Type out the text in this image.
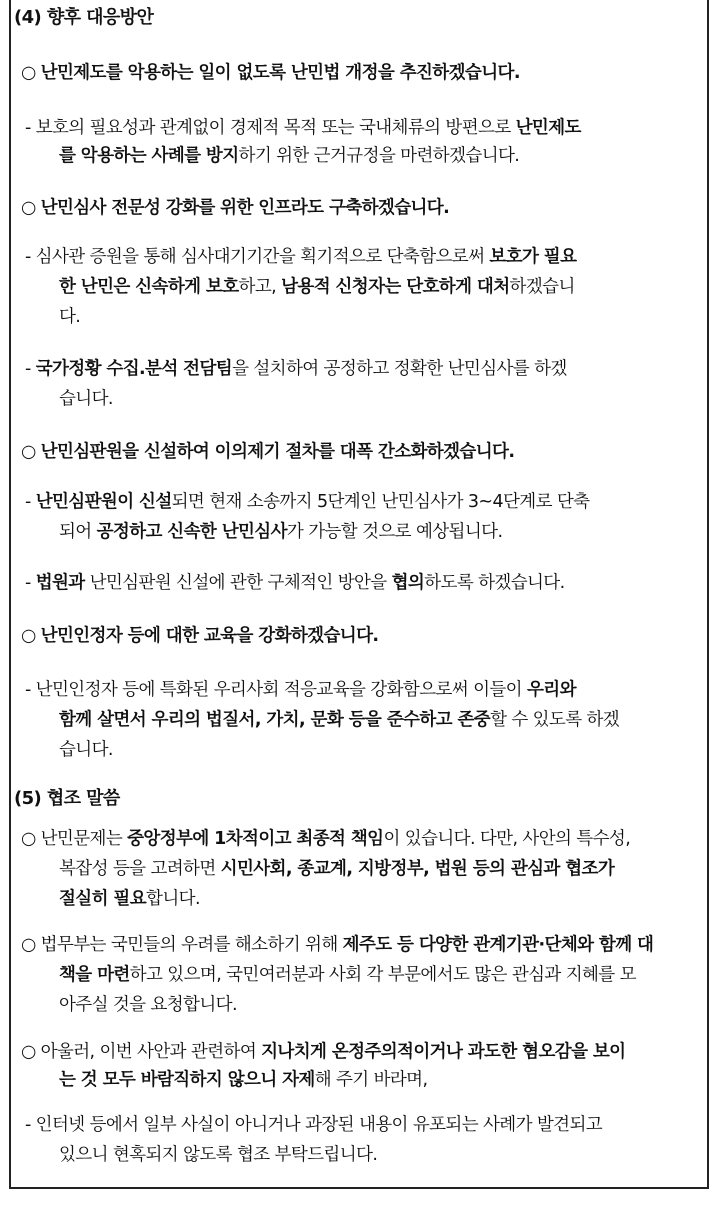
(4) 향후 대응방안
○ 난민제도를 악용하는 일이 없도록 난민법 개정을 추진하겠습니다.
- 보호의 필요성과 관계없이 경제적 목적 또는 국내체류의 방편으로 난민제도
를 악용하는 사례를 방지하기 위한 근거규정을 마련하겠습니다.
○ 난민심사 전문성 강화를 위한 인프라도 구축하겠습니다.
- 심사관 증원을 통해 심사대기기간을 획기적으로 단축함으로써 보호가 필요
한 난민은 신속하게 보호하고, 남용적 신청자는 단호하게 대처하겠습니
다.
- 국가정황 수집.분석 전담팀을 설치하여 공정하고 정확한 난민심사를 하겠
습니다.
○ 난민심판원을 신설하여 이의제기 절차를 대폭 간소화하겠습니다.
- 난민심판원이 신설되면 현재 소송까지 5단계인 난민심사가 3~4단계로 단축
되어 공정하고 신속한 난민심사가 가능할 것으로 예상됩니다.
- 법원과 난민심판원 신설에 관한 구체적인 방안을 협의하도록 하겠습니다.
○ 난민인정자 등에 대한 교육을 강화하겠습니다.
- 난민인정자 등에 특화된 우리사회 적응교육을 강화함으로써 이들이 우리와
함께 살면서 우리의 법질서, 가치, 문화 등을 준수하고 존중할 수 있도록 하겠
습니다.
(5) 협조 말씀
○ 난민문제는 중앙정부에 1차적이고 최종적 책임이 있습니다. 다만, 사안의 특수성,
복잡성 등을 고려하면 시민사회, 종교계, 지방정부, 법원 등의 관심과 협조가
절실히 필요합니다.
○ 법무부는 국민들의 우려를 해소하기 위해 제주도 등 다양한 관계기관·단체와 함께 대
책을 마련하고 있으며, 국민여러분과 사회 각 부문에서도 많은 관심과 지혜를 모
아주실 것을 요청합니다.
○ 아울러, 이번 사안과 관련하여 지나치게 온정주의적이거나 과도한 혐오감을 보이
는 것 모두 바람직하지 않으니 자제해 주기 바라며,
- 인터넷 등에서 일부 사실이 아니거나 과장된 내용이 유포되는 사례가 발견되고
있으니 현혹되지 않도록 협조 부탁드립니다.
